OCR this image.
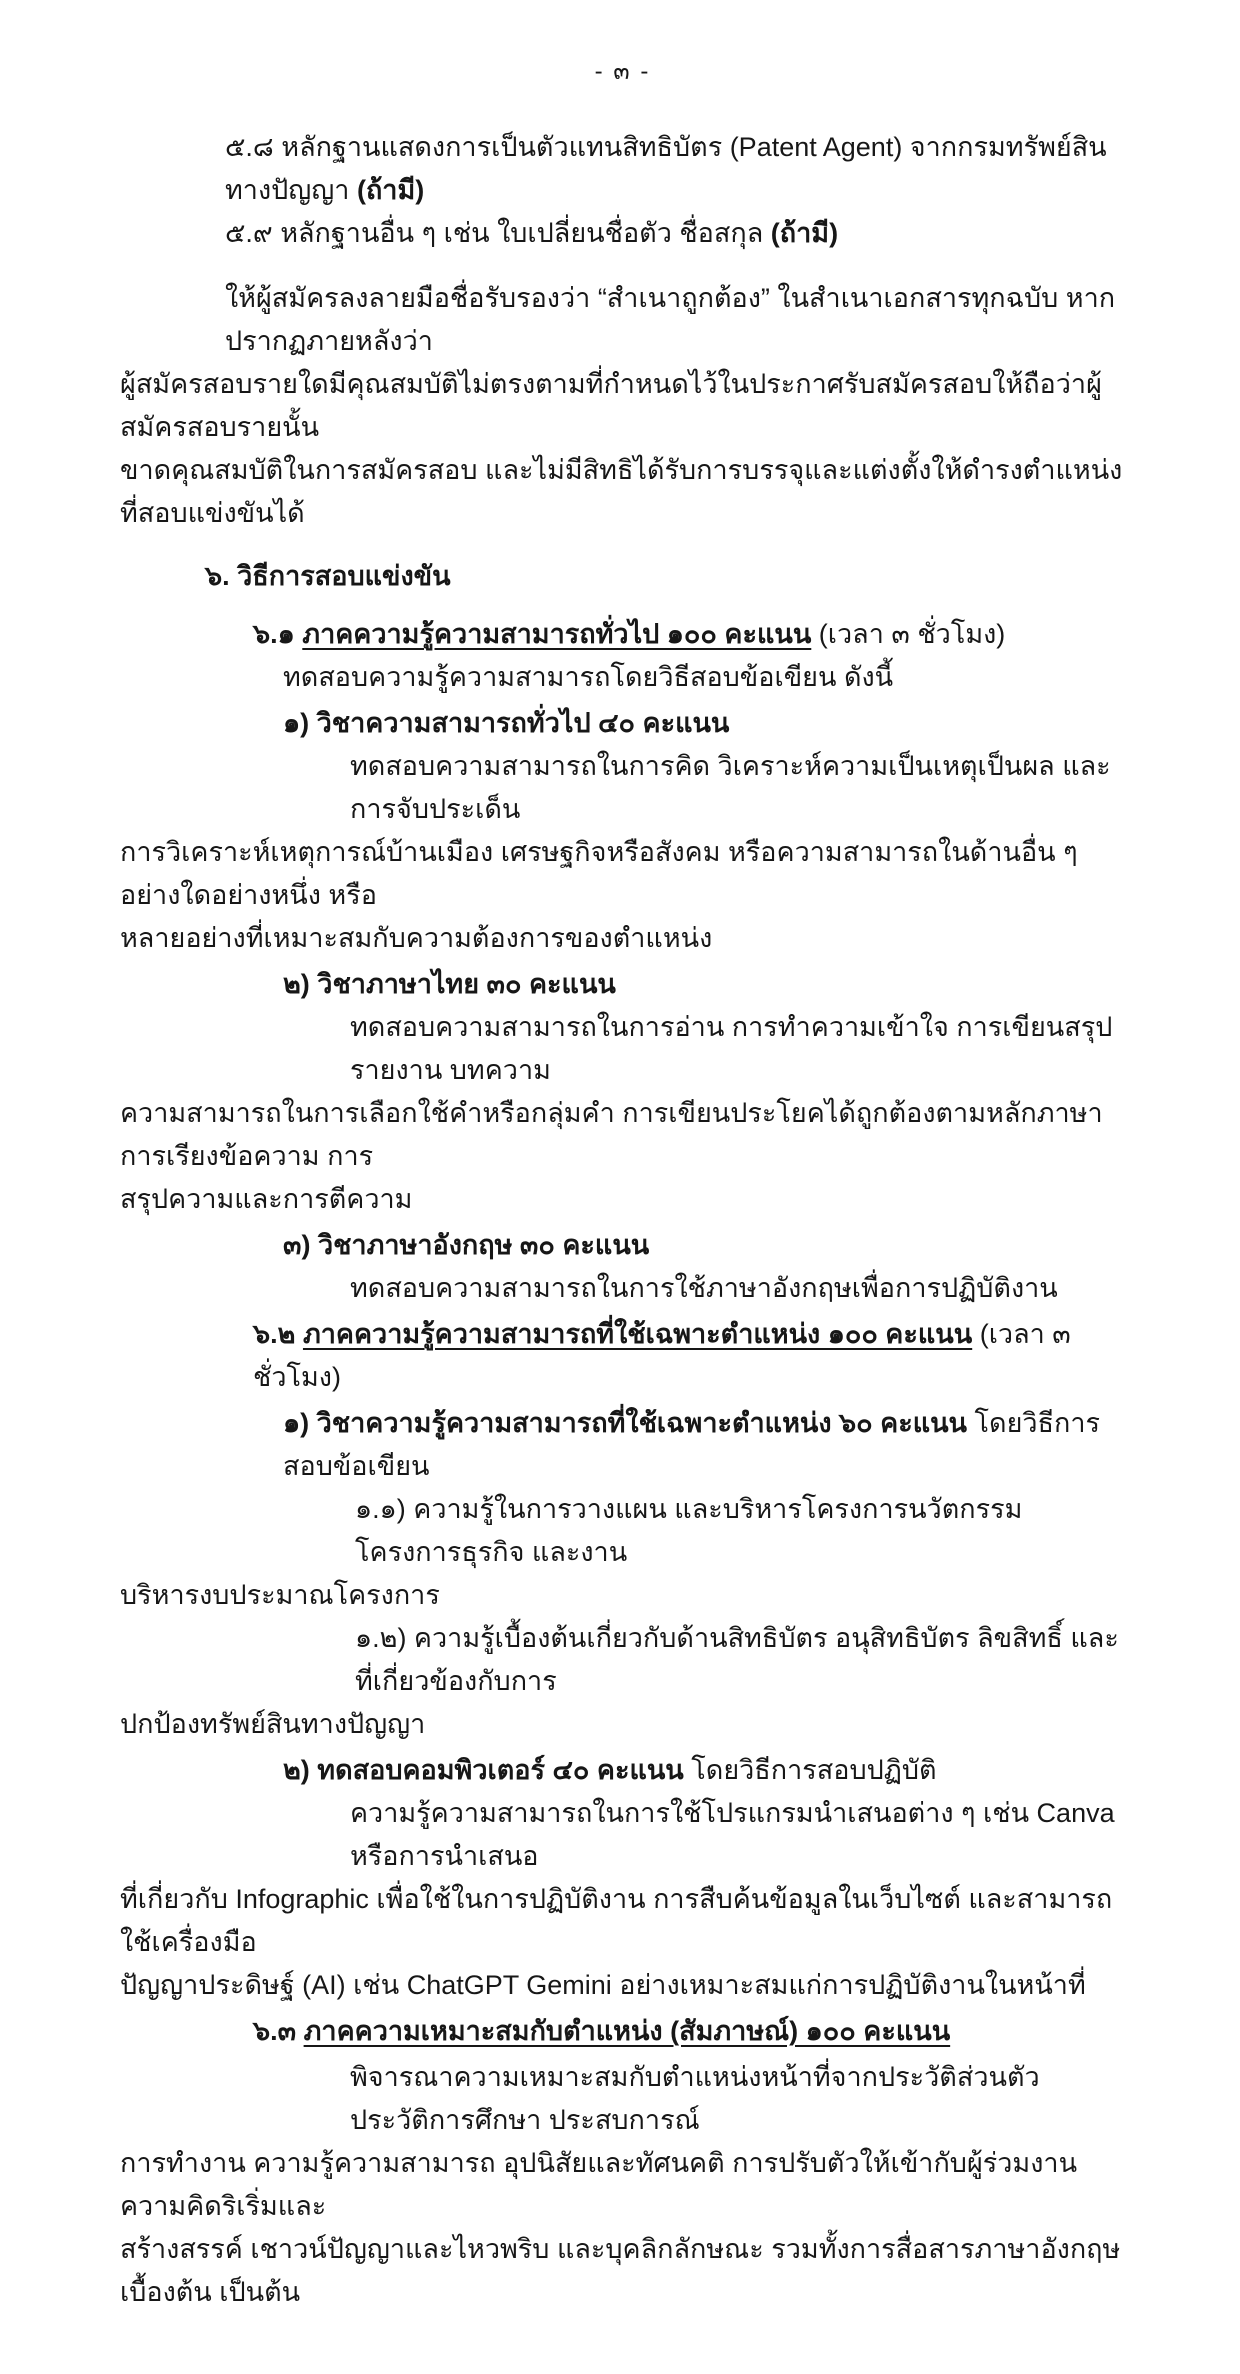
- ๓ -
๕.๘ หลักฐานแสดงการเป็นตัวแทนสิทธิบัตร (Patent Agent) จากกรมทรัพย์สินทางปัญญา (ถ้ามี)
๕.๙ หลักฐานอื่น ๆ เช่น ใบเปลี่ยนชื่อตัว ชื่อสกุล (ถ้ามี)
ให้ผู้สมัครลงลายมือชื่อรับรองว่า “สำเนาถูกต้อง” ในสำเนาเอกสารทุกฉบับ หากปรากฏภายหลังว่า
ผู้สมัครสอบรายใดมีคุณสมบัติไม่ตรงตามที่กำหนดไว้ในประกาศรับสมัครสอบให้ถือว่าผู้สมัครสอบรายนั้น
ขาดคุณสมบัติในการสมัครสอบ และไม่มีสิทธิได้รับการบรรจุและแต่งตั้งให้ดำรงตำแหน่งที่สอบแข่งขันได้
๖. วิธีการสอบแข่งขัน
๖.๑ ภาคความรู้ความสามารถทั่วไป ๑๐๐ คะแนน (เวลา ๓ ชั่วโมง)
ทดสอบความรู้ความสามารถโดยวิธีสอบข้อเขียน ดังนี้
๑) วิชาความสามารถทั่วไป ๔๐ คะแนน
ทดสอบความสามารถในการคิด วิเคราะห์ความเป็นเหตุเป็นผล และการจับประเด็น
การวิเคราะห์เหตุการณ์บ้านเมือง เศรษฐกิจหรือสังคม หรือความสามารถในด้านอื่น ๆ อย่างใดอย่างหนึ่ง หรือ
หลายอย่างที่เหมาะสมกับความต้องการของตำแหน่ง
๒) วิชาภาษาไทย ๓๐ คะแนน
ทดสอบความสามารถในการอ่าน การทำความเข้าใจ การเขียนสรุปรายงาน บทความ
ความสามารถในการเลือกใช้คำหรือกลุ่มคำ การเขียนประโยคได้ถูกต้องตามหลักภาษา การเรียงข้อความ การ
สรุปความและการตีความ
๓) วิชาภาษาอังกฤษ ๓๐ คะแนน
ทดสอบความสามารถในการใช้ภาษาอังกฤษเพื่อการปฏิบัติงาน
๖.๒ ภาคความรู้ความสามารถที่ใช้เฉพาะตำแหน่ง ๑๐๐ คะแนน (เวลา ๓ ชั่วโมง)
๑) วิชาความรู้ความสามารถที่ใช้เฉพาะตำแหน่ง ๖๐ คะแนน โดยวิธีการสอบข้อเขียน
๑.๑) ความรู้ในการวางแผน และบริหารโครงการนวัตกรรม โครงการธุรกิจ และงาน
บริหารงบประมาณโครงการ
๑.๒) ความรู้เบื้องต้นเกี่ยวกับด้านสิทธิบัตร อนุสิทธิบัตร ลิขสิทธิ์ และที่เกี่ยวข้องกับการ
ปกป้องทรัพย์สินทางปัญญา
๒) ทดสอบคอมพิวเตอร์ ๔๐ คะแนน โดยวิธีการสอบปฏิบัติ
ความรู้ความสามารถในการใช้โปรแกรมนำเสนอต่าง ๆ เช่น Canva หรือการนำเสนอ
ที่เกี่ยวกับ Infographic เพื่อใช้ในการปฏิบัติงาน การสืบค้นข้อมูลในเว็บไซต์ และสามารถใช้เครื่องมือ
ปัญญาประดิษฐ์ (AI) เช่น ChatGPT Gemini อย่างเหมาะสมแก่การปฏิบัติงานในหน้าที่
๖.๓ ภาคความเหมาะสมกับตำแหน่ง (สัมภาษณ์) ๑๐๐ คะแนน
พิจารณาความเหมาะสมกับตำแหน่งหน้าที่จากประวัติส่วนตัว ประวัติการศึกษา ประสบการณ์
การทำงาน ความรู้ความสามารถ อุปนิสัยและทัศนคติ การปรับตัวให้เข้ากับผู้ร่วมงาน ความคิดริเริ่มและ
สร้างสรรค์ เชาวน์ปัญญาและไหวพริบ และบุคลิกลักษณะ รวมทั้งการสื่อสารภาษาอังกฤษเบื้องต้น เป็นต้น
